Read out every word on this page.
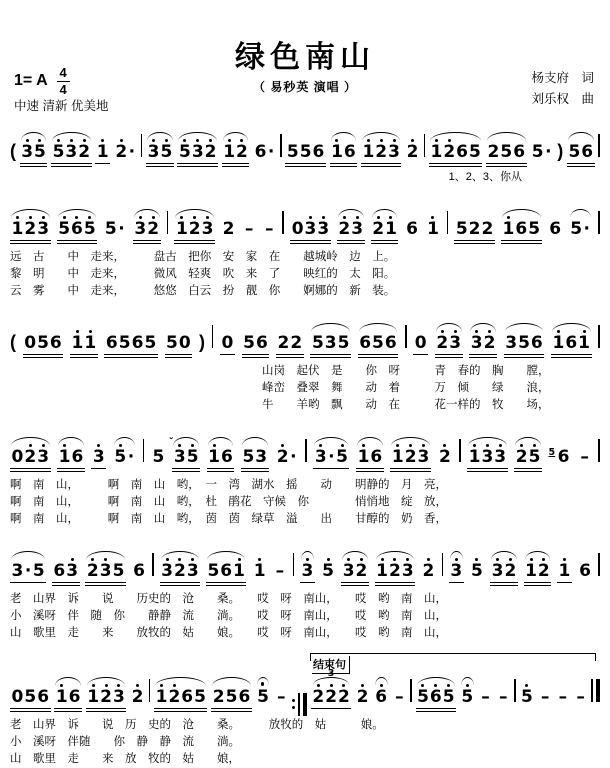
绿色南山
（ 易秒英 演唱 ）
1= A $\frac{4}{4}$
中速 清新 优美地
杨支府　词
刘乐权　曲
( 35 532 1 2· 35 532 12 6· 556 16 123 2 1265 256 5· ) 56
1、2、3、你从
123 565 5· 32 123 2 – – 033 23 21 6 1 522 165 6 5·
远　古　　中　走来，　　　盘古　把你　安　家　在　　越城岭　边　上。
黎　明　　中　走来，　　　微风　轻爽　吹　来　了　　映红的　太　阳。
云　雾　　中　走来，　　　悠悠　白云　扮　靓　你　　婀娜的　新　装。
( 056 11 6565 50 ) 0 56 22 535 656 0 23 32 356 161
山岗　起伏　是　　你　呀　　　青　春的　胸　　膛，
峰峦　叠翠　舞　　动　着　　　万　倾　　绿　　浪，
牛　　羊哟　飘　　动　在　　　花一样的　牧　　场，
023 16 3 5· 5
ˇ
35 16 53 2· 3·5 16 123 2 133 25 $^5$ 6 –
啊　南　山，　　　啊　南　山　哟，　一　湾　湖水　摇　　动　　明静的　月　亮，
啊　南　山，　　　啊　南　山　哟，　杜　鹃花　守候　你　　　　悄悄地　绽　放，
啊　南　山，　　　啊　南　山　哟，　茵　茵　绿草　溢　　出　　甘醇的　奶　香，
3·5 63 235 6 323 561 1 – 3 5 32 123 2 3 5 32 12 1 6
老　山界　诉　　说　　历史的　沧　　桑。　　哎　呀　南山，　　哎　哟　南　山，
小　溪呀　伴　随　你　　静静　流　　淌。　　哎　呀　南山，　　哎　哟　南　山，
山　歌里　走　　来　　放牧的　姑　　娘。　　哎　呀　南山，　　哎　哟　南　山，
结束句
056 16 123 2 1265 256 5 –
3
222 2 6 – 565 5 – – 5 – – –
老　山界　诉　　说　历　史的　沧　　桑。　　　放牧的　姑　　　娘。
小　溪呀　伴随　　你　静　静　流　　淌。
山　歌里　走　　来　放　牧的　姑　　娘，
